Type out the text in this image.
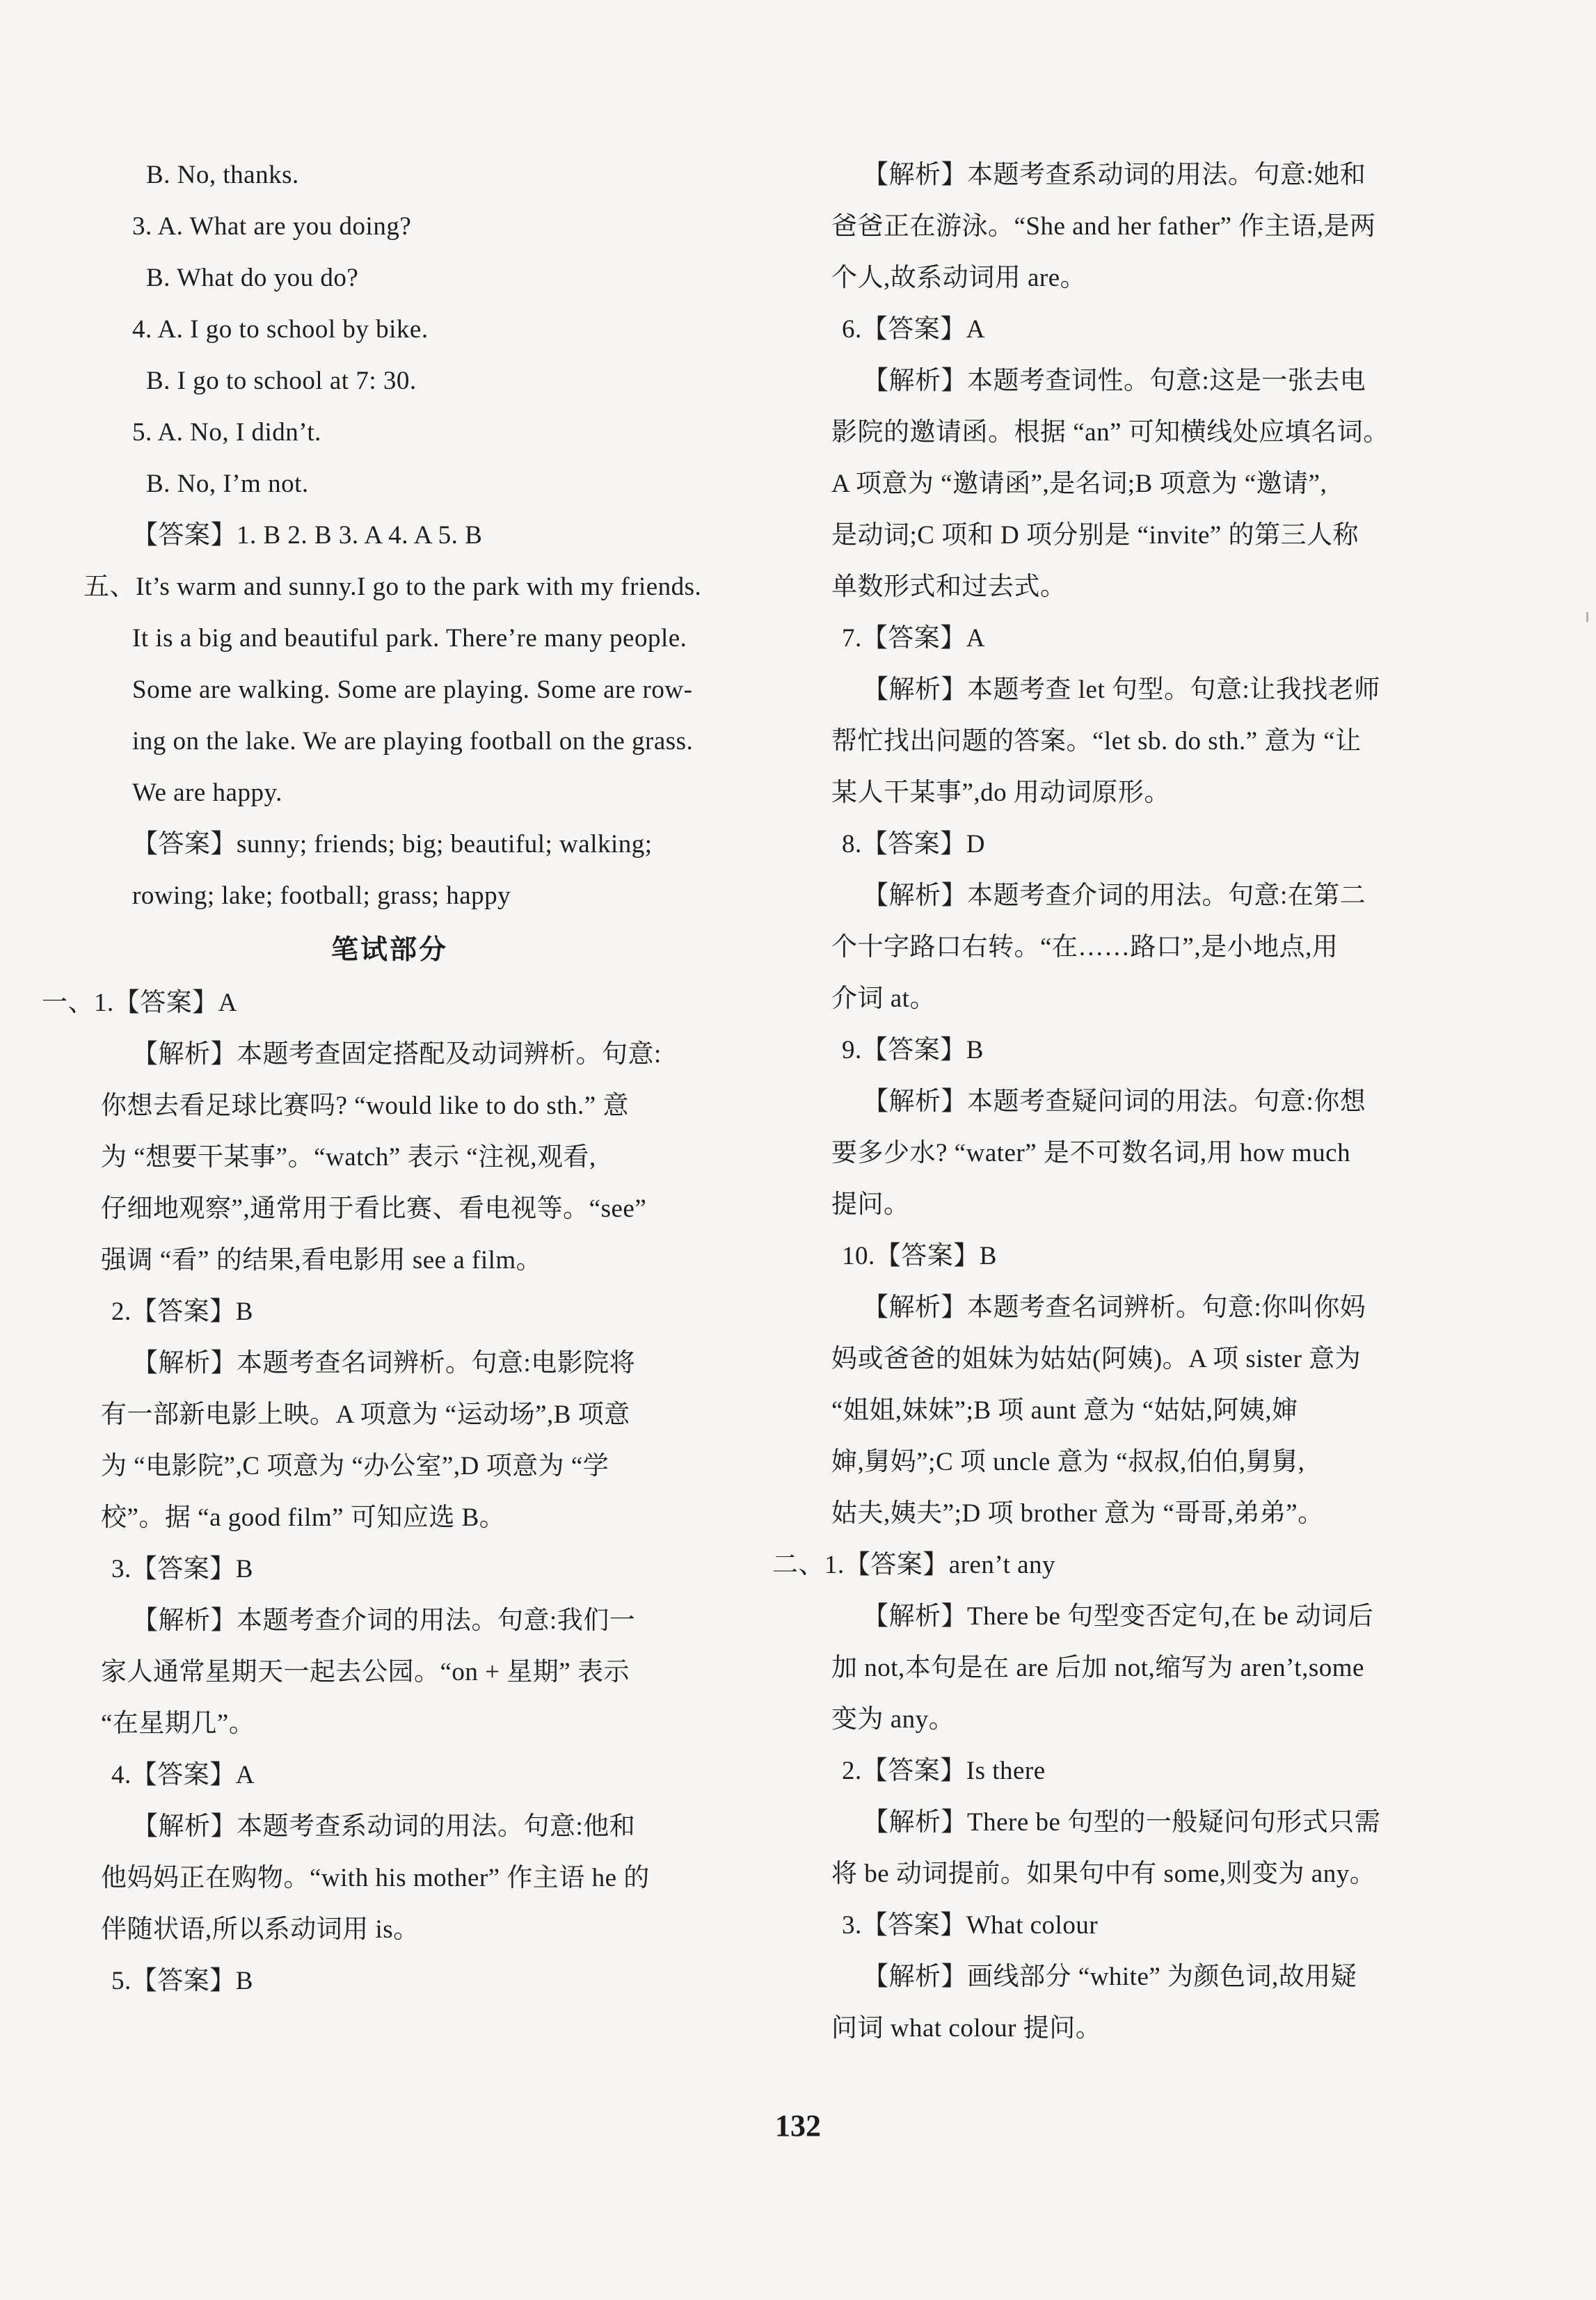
B. No, thanks.
3. A. What are you doing?
B. What do you do?
4. A. I go to school by bike.
B. I go to school at 7: 30.
5. A. No, I didn’t.
B. No, I’m not.
【答案】1. B 2. B 3. A 4. A 5. B
五、It’s warm and sunny.I go to the park with my friends.
It is a big and beautiful park. There’re many people.
Some are walking. Some are playing. Some are row-
ing on the lake. We are playing football on the grass.
We are happy.
【答案】sunny; friends; big; beautiful; walking;
rowing; lake; football; grass; happy
笔试部分
一、1.【答案】A
【解析】本题考查固定搭配及动词辨析。句意:
你想去看足球比赛吗? “would like to do sth.” 意
为 “想要干某事”。“watch” 表示 “注视,观看,
仔细地观察”,通常用于看比赛、看电视等。“see”
强调 “看” 的结果,看电影用 see a film。
2.【答案】B
【解析】本题考查名词辨析。句意:电影院将
有一部新电影上映。A 项意为 “运动场”,B 项意
为 “电影院”,C 项意为 “办公室”,D 项意为 “学
校”。据 “a good film” 可知应选 B。
3.【答案】B
【解析】本题考查介词的用法。句意:我们一
家人通常星期天一起去公园。“on + 星期” 表示
“在星期几”。
4.【答案】A
【解析】本题考查系动词的用法。句意:他和
他妈妈正在购物。“with his mother” 作主语 he 的
伴随状语,所以系动词用 is。
5.【答案】B
【解析】本题考查系动词的用法。句意:她和
爸爸正在游泳。“She and her father” 作主语,是两
个人,故系动词用 are。
6.【答案】A
【解析】本题考查词性。句意:这是一张去电
影院的邀请函。根据 “an” 可知横线处应填名词。
A 项意为 “邀请函”,是名词;B 项意为 “邀请”,
是动词;C 项和 D 项分别是 “invite” 的第三人称
单数形式和过去式。
7.【答案】A
【解析】本题考查 let 句型。句意:让我找老师
帮忙找出问题的答案。“let sb. do sth.” 意为 “让
某人干某事”,do 用动词原形。
8.【答案】D
【解析】本题考查介词的用法。句意:在第二
个十字路口右转。“在……路口”,是小地点,用
介词 at。
9.【答案】B
【解析】本题考查疑问词的用法。句意:你想
要多少水? “water” 是不可数名词,用 how much
提问。
10.【答案】B
【解析】本题考查名词辨析。句意:你叫你妈
妈或爸爸的姐妹为姑姑(阿姨)。A 项 sister 意为
“姐姐,妹妹”;B 项 aunt 意为 “姑姑,阿姨,婶
婶,舅妈”;C 项 uncle 意为 “叔叔,伯伯,舅舅,
姑夫,姨夫”;D 项 brother 意为 “哥哥,弟弟”。
二、1.【答案】aren’t any
【解析】There be 句型变否定句,在 be 动词后
加 not,本句是在 are 后加 not,缩写为 aren’t,some
变为 any。
2.【答案】Is there
【解析】There be 句型的一般疑问句形式只需
将 be 动词提前。如果句中有 some,则变为 any。
3.【答案】What colour
【解析】画线部分 “white” 为颜色词,故用疑
问词 what colour 提问。
132
